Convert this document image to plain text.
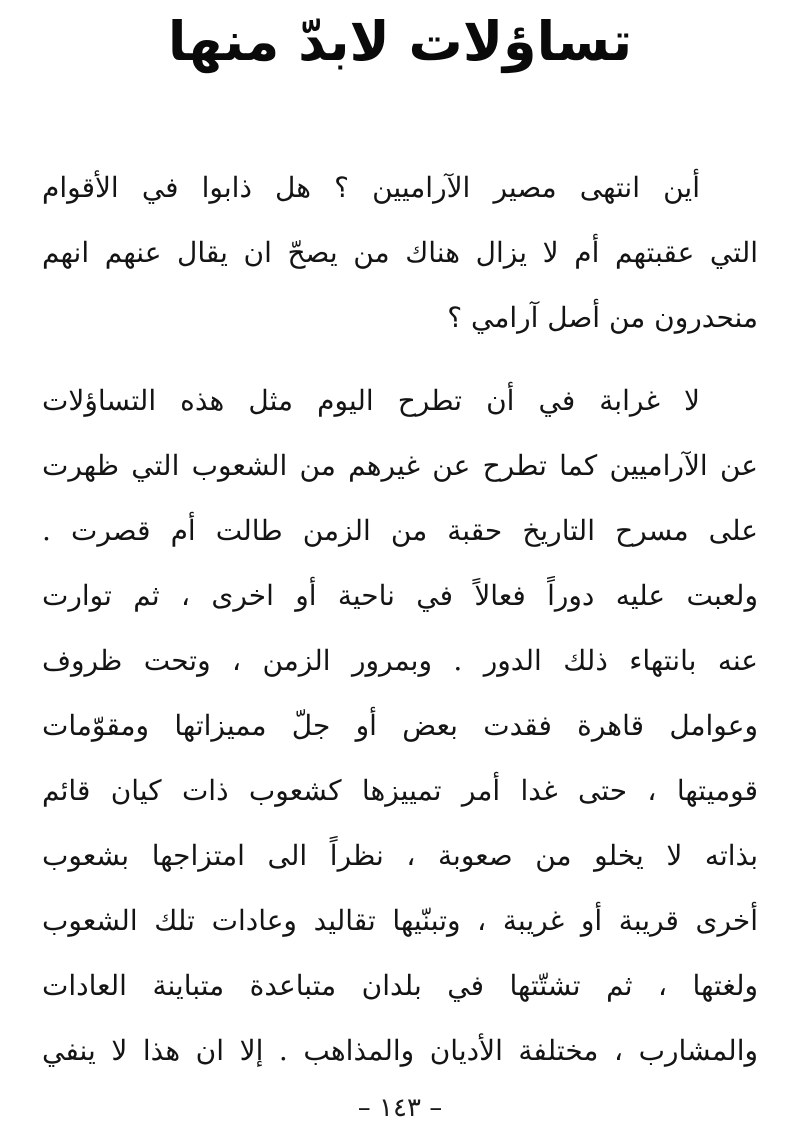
تساؤلات لابدّ منها
أين انتهى مصير الآراميين ؟ هل ذابوا في الأقوام
التي عقبتهم أم لا يزال هناك من يصحّ ان يقال عنهم انهم
منحدرون من أصل آرامي ؟
لا غرابة في أن تطرح اليوم مثل هذه التساؤلات
عن الآراميين كما تطرح عن غيرهم من الشعوب التي ظهرت
على مسرح التاريخ حقبة من الزمن طالت أم قصرت .
ولعبت عليه دوراً فعالاً في ناحية أو اخرى ، ثم توارت
عنه بانتهاء ذلك الدور . وبمرور الزمن ، وتحت ظروف
وعوامل قاهرة فقدت بعض أو جلّ مميزاتها ومقوّمات
قوميتها ، حتى غدا أمر تمييزها كشعوب ذات كيان قائم
بذاته لا يخلو من صعوبة ، نظراً الى امتزاجها بشعوب
أخرى قريبة أو غريبة ، وتبنّيها تقاليد وعادات تلك الشعوب
ولغتها ، ثم تشتّتها في بلدان متباعدة متباينة العادات
والمشارب ، مختلفة الأديان والمذاهب . إلا ان هذا لا ينفي
– ١٤٣ –
